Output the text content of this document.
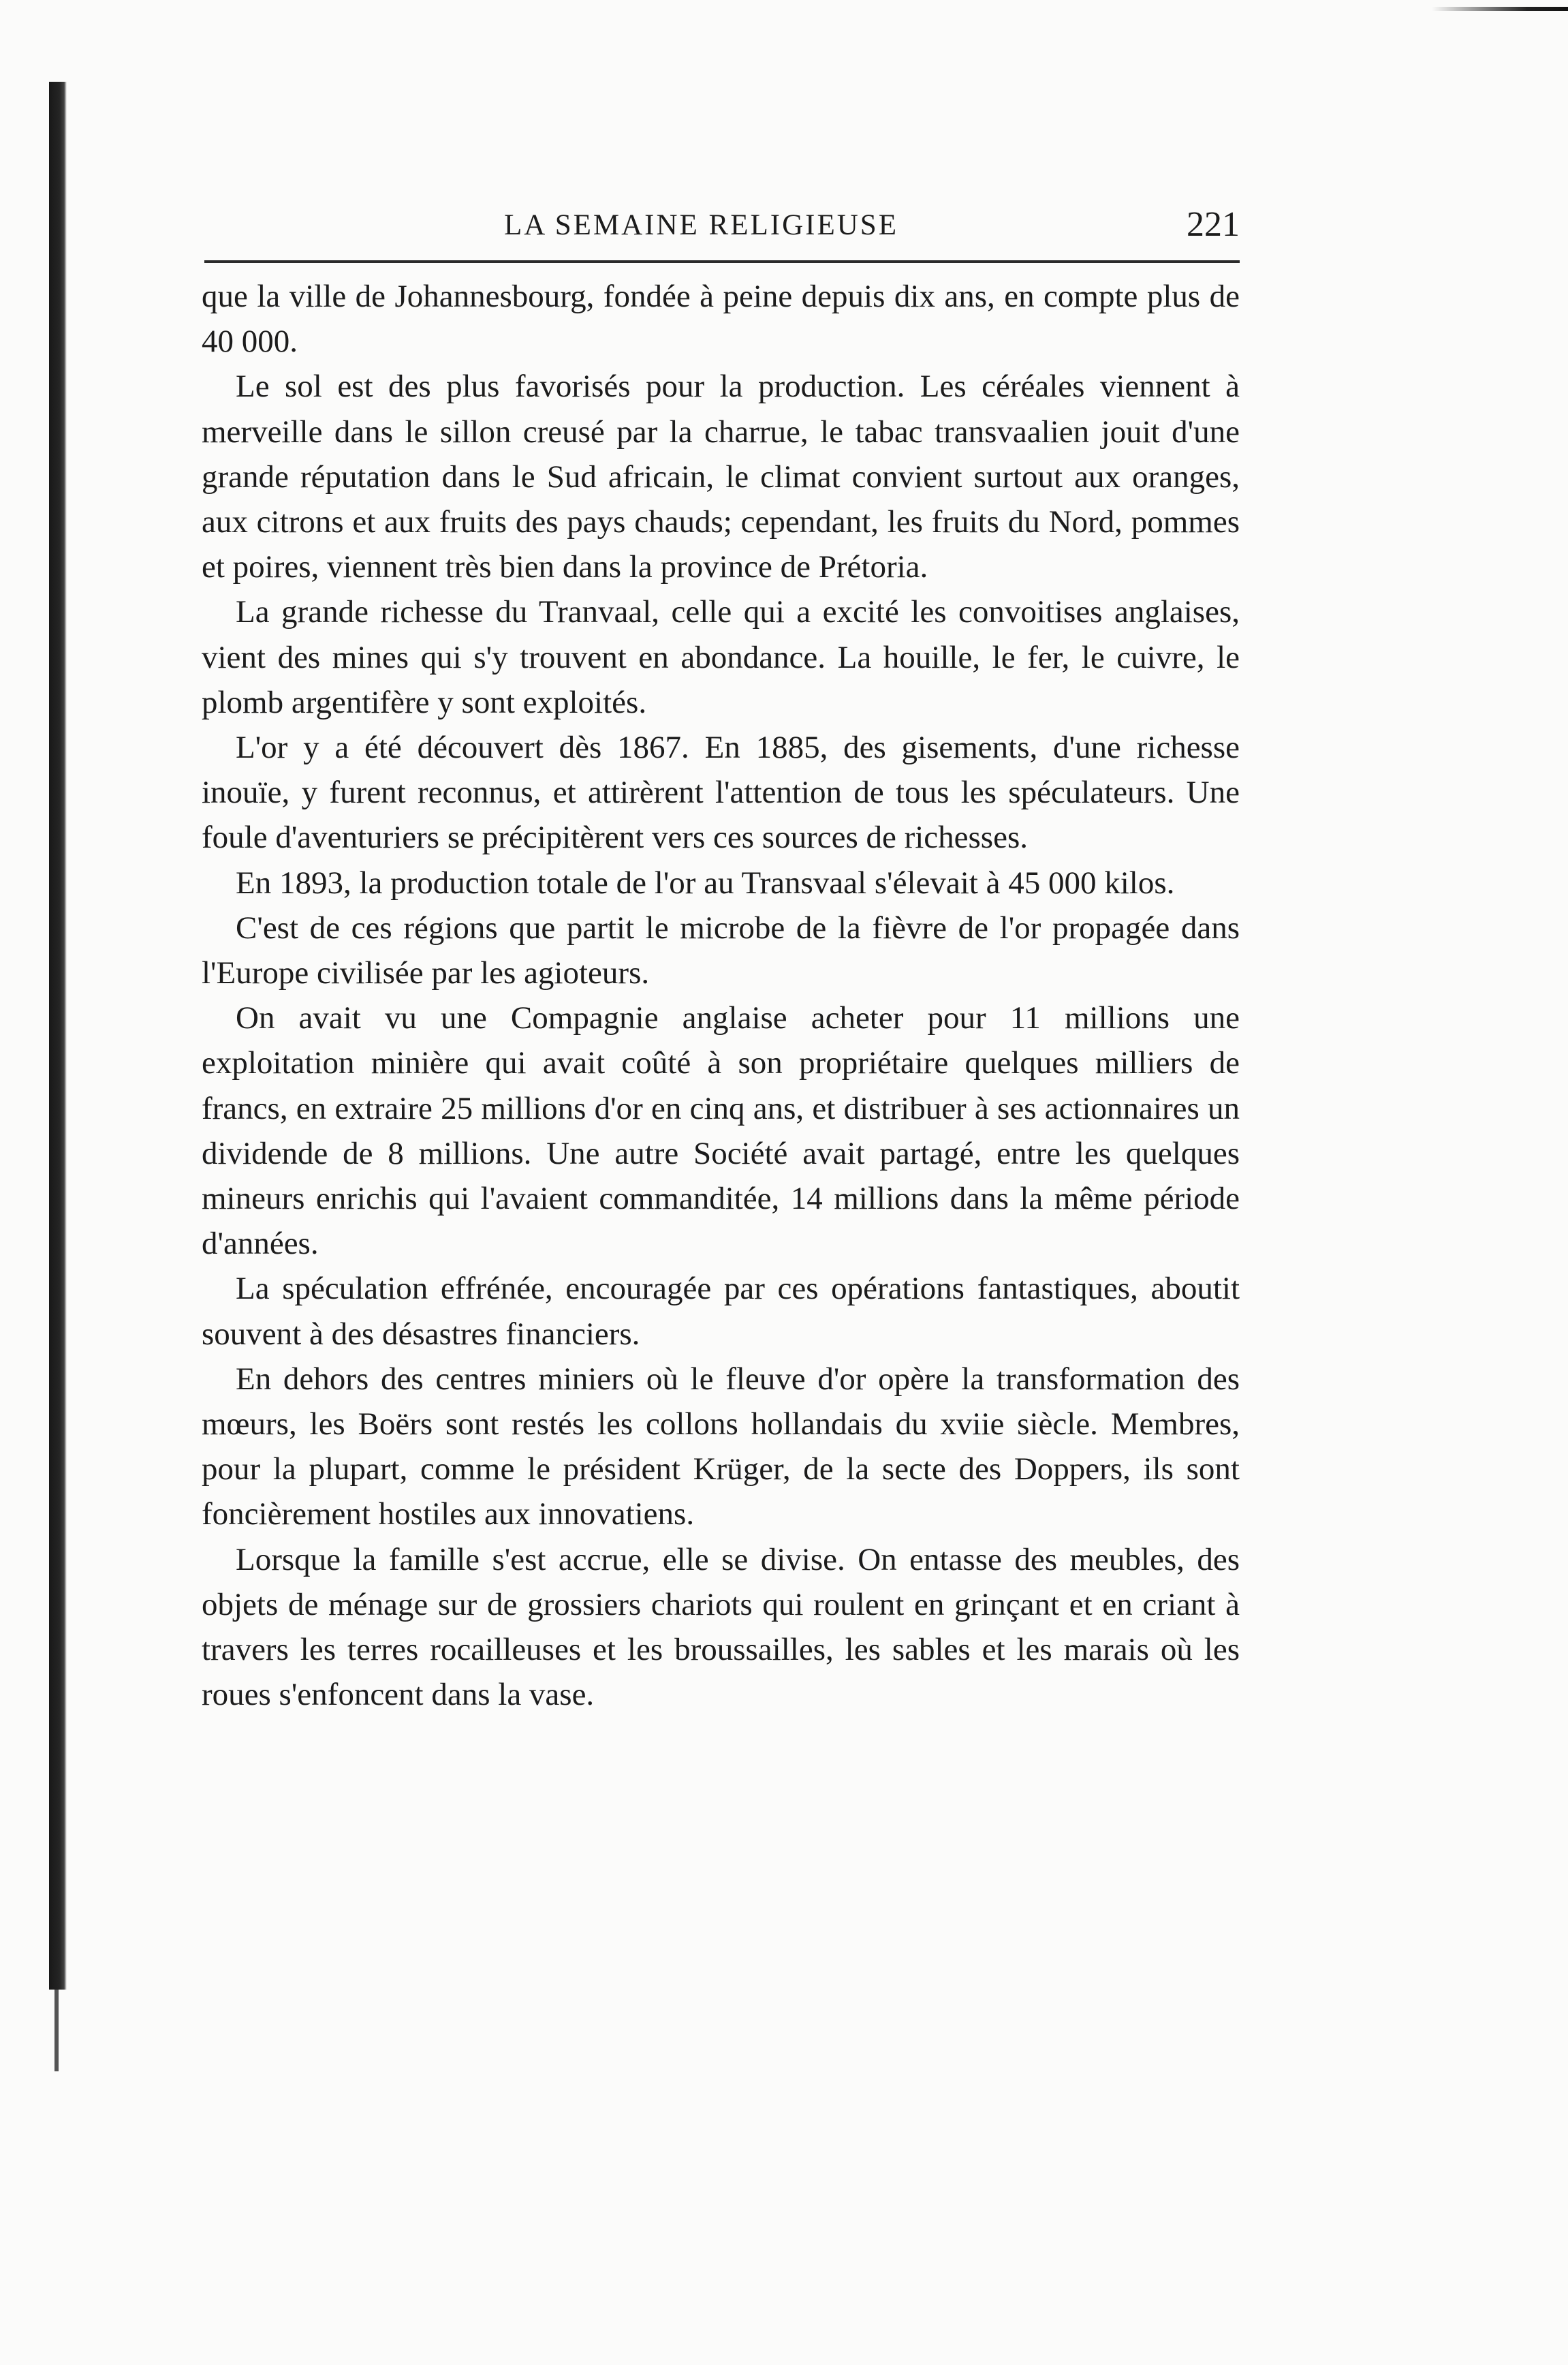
LA SEMAINE RELIGIEUSE	221

que la ville de Johannesbourg, fondée à peine depuis dix ans, en compte plus de 40 000.

Le sol est des plus favorisés pour la production. Les céréales viennent à merveille dans le sillon creusé par la charrue, le tabac transvaalien jouit d'une grande réputation dans le Sud africain, le climat convient surtout aux oranges, aux citrons et aux fruits des pays chauds; cependant, les fruits du Nord, pommes et poires, viennent très bien dans la province de Prétoria.

La grande richesse du Tranvaal, celle qui a excité les convoitises anglaises, vient des mines qui s'y trouvent en abondance. La houille, le fer, le cuivre, le plomb argentifère y sont exploités.

L'or y a été découvert dès 1867. En 1885, des gisements, d'une richesse inouïe, y furent reconnus, et attirèrent l'attention de tous les spéculateurs. Une foule d'aventuriers se précipitèrent vers ces sources de richesses.

En 1893, la production totale de l'or au Transvaal s'élevait à 45 000 kilos.

C'est de ces régions que partit le microbe de la fièvre de l'or propagée dans l'Europe civilisée par les agioteurs.

On avait vu une Compagnie anglaise acheter pour 11 millions une exploitation minière qui avait coûté à son propriétaire quelques milliers de francs, en extraire 25 millions d'or en cinq ans, et distribuer à ses actionnaires un dividende de 8 millions. Une autre Société avait partagé, entre les quelques mineurs enrichis qui l'avaient commanditée, 14 millions dans la même période d'années.

La spéculation effrénée, encouragée par ces opérations fantastiques, aboutit souvent à des désastres financiers.

En dehors des centres miniers où le fleuve d'or opère la transformation des mœurs, les Boërs sont restés les collons hollandais du xviie siècle. Membres, pour la plupart, comme le président Krüger, de la secte des Doppers, ils sont foncièrement hostiles aux innovatiens.

Lorsque la famille s'est accrue, elle se divise. On entasse des meubles, des objets de ménage sur de grossiers chariots qui roulent en grinçant et en criant à travers les terres rocailleuses et les broussailles, les sables et les marais où les roues s'enfoncent dans la vase.
